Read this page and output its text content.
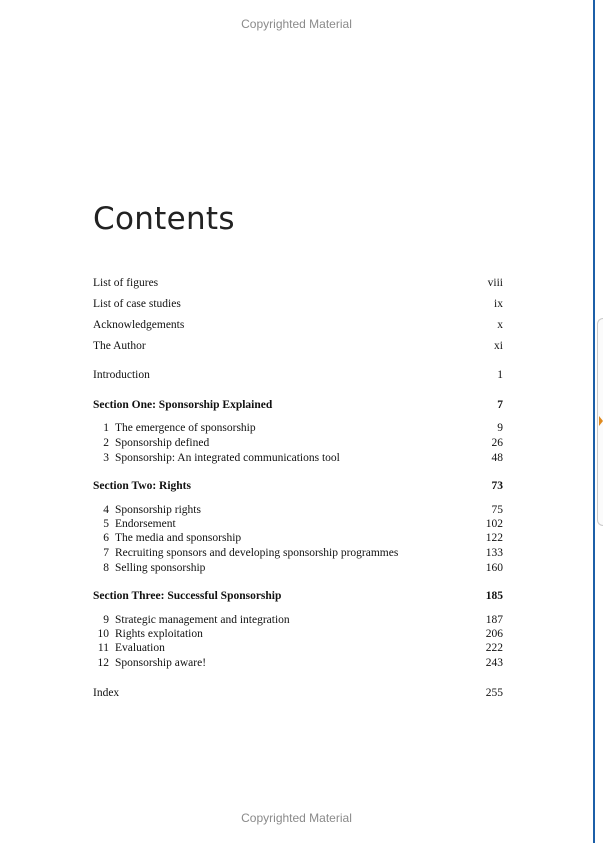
Copyrighted Material
Contents
List of figures	viii
List of case studies	ix
Acknowledgements	x
The Author	xi
Introduction	1
Section One: Sponsorship Explained	7
1 The emergence of sponsorship	9
2 Sponsorship defined	26
3 Sponsorship: An integrated communications tool	48
Section Two: Rights	73
4 Sponsorship rights	75
5 Endorsement	102
6 The media and sponsorship	122
7 Recruiting sponsors and developing sponsorship programmes	133
8 Selling sponsorship	160
Section Three: Successful Sponsorship	185
9 Strategic management and integration	187
10 Rights exploitation	206
11 Evaluation	222
12 Sponsorship aware!	243
Index	255
Copyrighted Material
